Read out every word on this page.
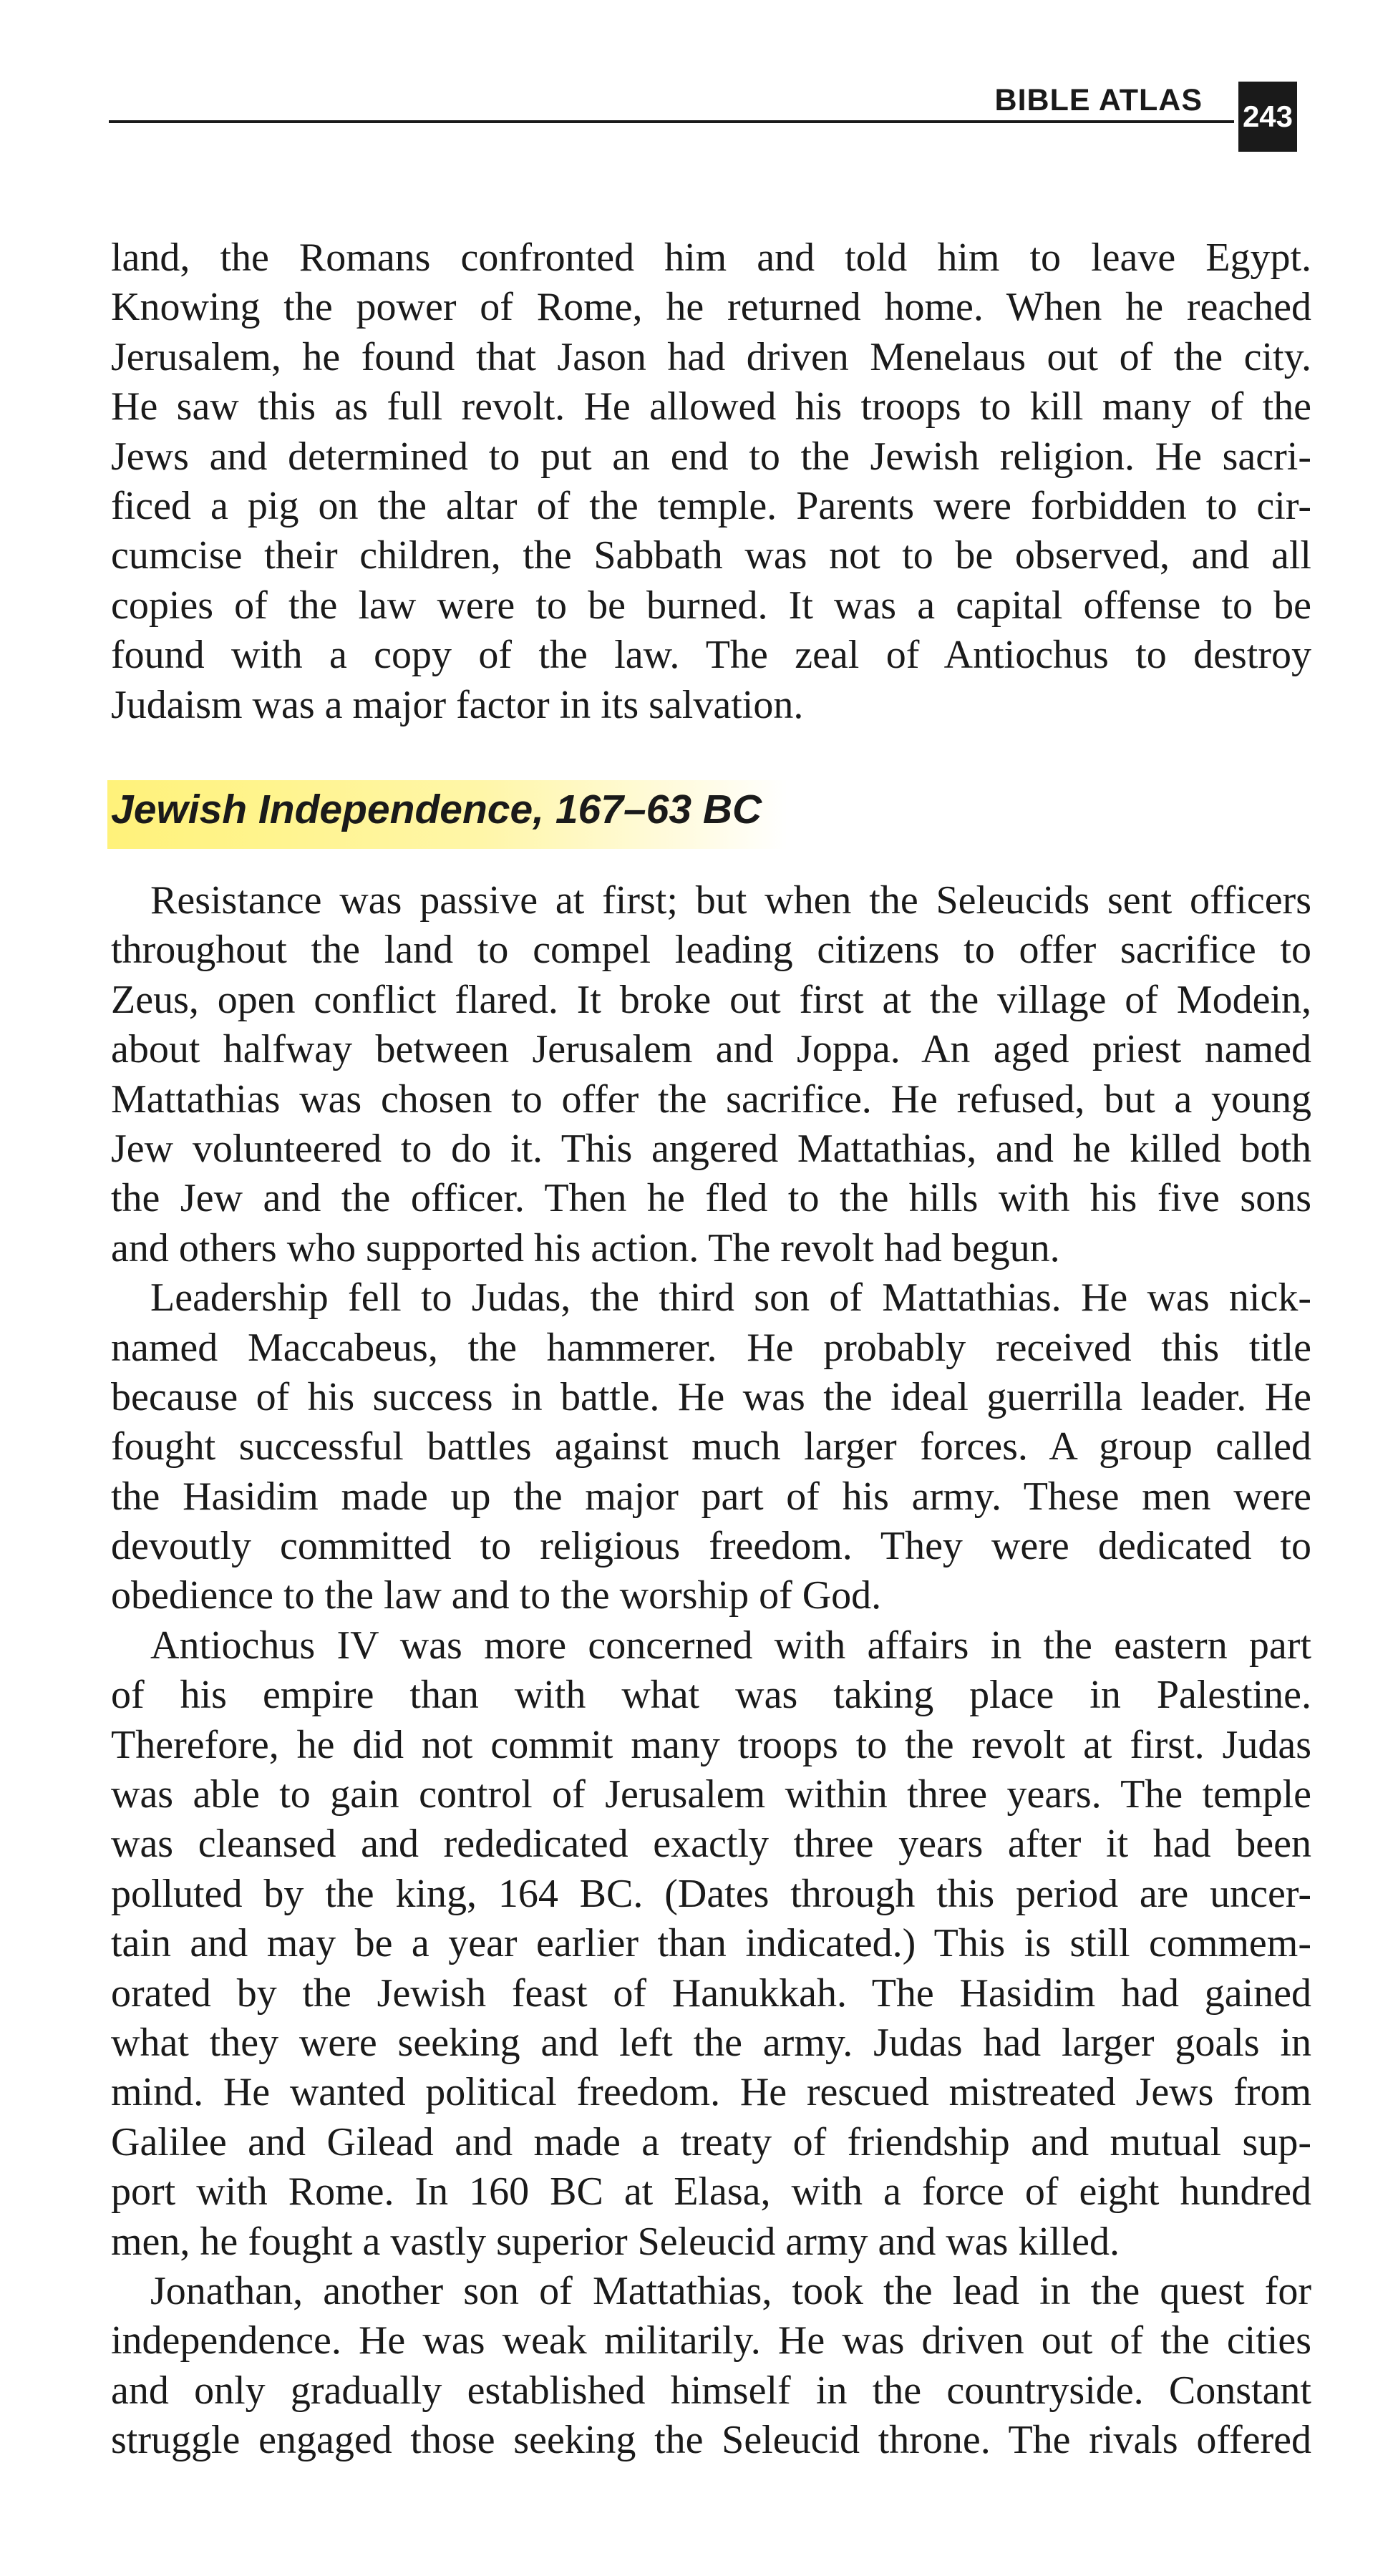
BIBLE ATLAS 243
land, the Romans confronted him and told him to leave Egypt.
Knowing the power of Rome, he returned home. When he reached
Jerusalem, he found that Jason had driven Menelaus out of the city.
He saw this as full revolt. He allowed his troops to kill many of the
Jews and determined to put an end to the Jewish religion. He sacri-
ficed a pig on the altar of the temple. Parents were forbidden to cir-
cumcise their children, the Sabbath was not to be observed, and all
copies of the law were to be burned. It was a capital offense to be
found with a copy of the law. The zeal of Antiochus to destroy
Judaism was a major factor in its salvation.
Jewish Independence, 167–63 BC
Resistance was passive at first; but when the Seleucids sent officers
throughout the land to compel leading citizens to offer sacrifice to
Zeus, open conflict flared. It broke out first at the village of Modein,
about halfway between Jerusalem and Joppa. An aged priest named
Mattathias was chosen to offer the sacrifice. He refused, but a young
Jew volunteered to do it. This angered Mattathias, and he killed both
the Jew and the officer. Then he fled to the hills with his five sons
and others who supported his action. The revolt had begun.
Leadership fell to Judas, the third son of Mattathias. He was nick-
named Maccabeus, the hammerer. He probably received this title
because of his success in battle. He was the ideal guerrilla leader. He
fought successful battles against much larger forces. A group called
the Hasidim made up the major part of his army. These men were
devoutly committed to religious freedom. They were dedicated to
obedience to the law and to the worship of God.
Antiochus IV was more concerned with affairs in the eastern part
of his empire than with what was taking place in Palestine.
Therefore, he did not commit many troops to the revolt at first. Judas
was able to gain control of Jerusalem within three years. The temple
was cleansed and rededicated exactly three years after it had been
polluted by the king, 164 BC. (Dates through this period are uncer-
tain and may be a year earlier than indicated.) This is still commem-
orated by the Jewish feast of Hanukkah. The Hasidim had gained
what they were seeking and left the army. Judas had larger goals in
mind. He wanted political freedom. He rescued mistreated Jews from
Galilee and Gilead and made a treaty of friendship and mutual sup-
port with Rome. In 160 BC at Elasa, with a force of eight hundred
men, he fought a vastly superior Seleucid army and was killed.
Jonathan, another son of Mattathias, took the lead in the quest for
independence. He was weak militarily. He was driven out of the cities
and only gradually established himself in the countryside. Constant
struggle engaged those seeking the Seleucid throne. The rivals offered
